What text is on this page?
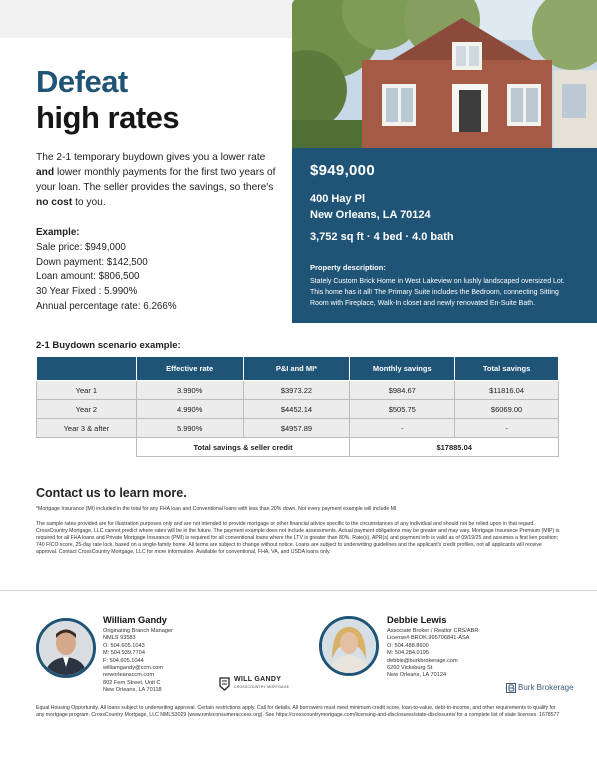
$949,000
400 Hay Pl
New Orleans, LA 70124
3,752 sq ft · 4 bed · 4.0 bath
Property description:
Stately Custom Brick Home in West Lakeview on lushly landscaped oversized Lot. This home has it all! The Primary Suite includes the Bedroom, connecting Sitting Room with Fireplace, Walk-In closet and newly renovated En-Suite Bath.
Defeat
high rates
The 2-1 temporary buydown gives you a lower rate and lower monthly payments for the first two years of your loan. The seller provides the savings, so there's no cost to you.
Example:
Sale price: $949,000
Down payment: $142,500
Loan amount: $806,500
30 Year Fixed : 5.990%
Annual percentage rate: 6.266%
2-1 Buydown scenario example:
	Effective rate	P&I and MI*	Monthly savings	Total savings
Year 1	3.990%	$3973.22	$984.67	$11816.04
Year 2	4.990%	$4452.14	$505.75	$6069.00
Year 3 & after	5.990%	$4957.89	-	-
	Total savings & seller credit		$17885.04	
Contact us to learn more.
*Mortgage Insurance (MI) included in the total for any FHA loan and Conventional loans with less than 20% down. Not every payment example will include MI
The sample rates provided are for illustration purposes only and are not intended to provide mortgage or other financial advice specific to the circumstances of any individual and should not be relied upon in that regard. CrossCountry Mortgage, LLC cannot predict where rates will be in the future. The payment example does not include assessments. Actual payment obligations may be greater and may vary. Mortgage Insurance Premium (MIP) is required for all FHA loans and Private Mortgage Insurance (PMI) is required for all conventional loans where the LTV is greater than 80%. Rate(s), APR(s) and payment info is valid as of 09/19/25 and assumes a first lien position; 740 FICO score, 25-day rate lock, based on a single-family home. All terms are subject to change without notice. Loans are subject to underwriting guidelines and the applicant's credit profiles, not all applicants will receive approval. Contact CrossCountry Mortgage, LLC for more information. Available for conventional, FHA, VA, and USDA loans only.
William Gandy
Originating Branch Manager
NMLS 93583
O: 504.605.1043
M: 504.939.7704
F: 504.605.1044
williamgandy@ccm.com
neworleansccm.com
802 Fern Street, Unit C
New Orleans, LA 70118
WILL GANDY
CROSSCOUNTRY MORTGAGE
Debbie Lewis
Associate Broker / Realtor CRS/ABR
License# BROK.995706841-ASA
O: 504.488.8600
M: 504.284.0195
debbie@burkbrokerage.com
6260 Vicksburg St
New Orleans, LA 70124
Burk Brokerage
Equal Housing Opportunity. All loans subject to underwriting approval. Certain restrictions apply. Call for details. All borrowers must meet minimum credit score, loan-to-value, debt-to-income, and other requirements to qualify for any mortgage program. CrossCountry Mortgage, LLC NMLS3029 (www.nmlsconsumeraccess.org). See https://crosscountrymortgage.com/licensing-and-disclosures/state-disclosures/ for a complete list of state licenses. 1678577
